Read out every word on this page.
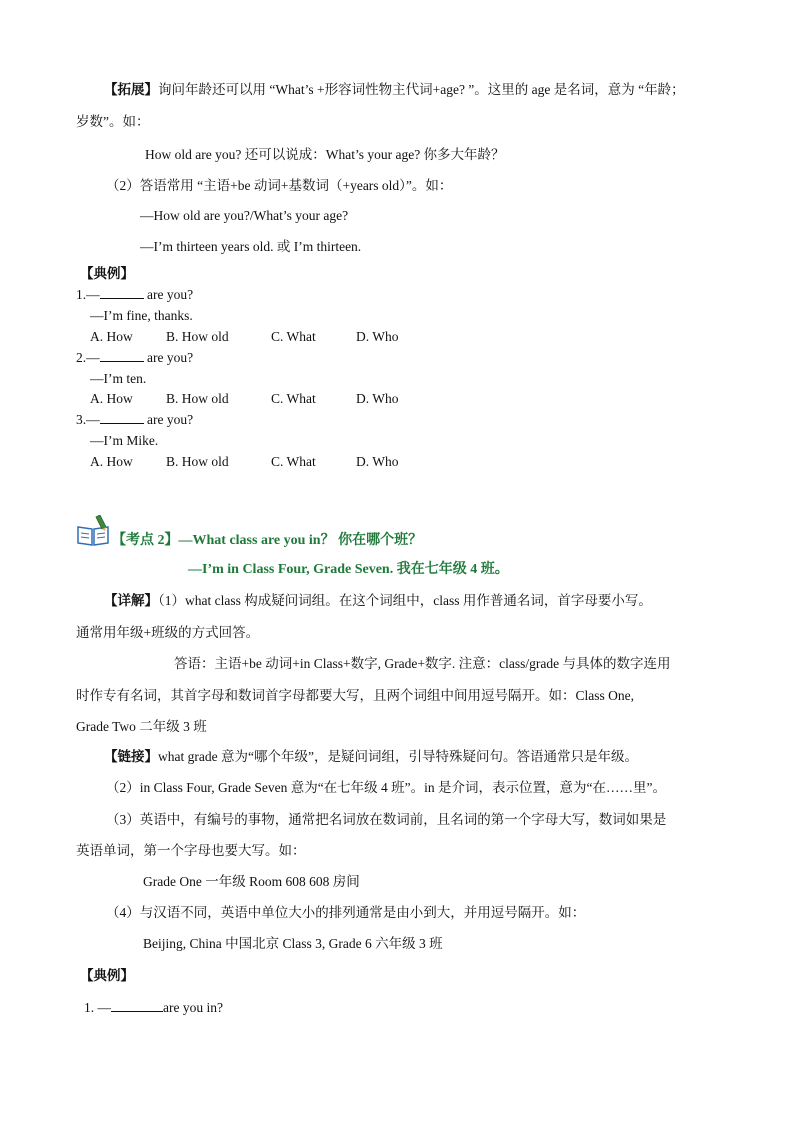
【拓展】询问年龄还可以用 “What’s +形容词性物主代词+age? ”。这里的 age 是名词，意为 “年龄；
岁数”。如：
How old are you? 还可以说成：What’s your age? 你多大年龄？
（2）答语常用 “主语+be 动词+基数词（+years old）”。如：
—How old are you?/What’s your age?
—I’m thirteen years old. 或 I’m thirteen.
【典例】
1.—	are you?
—I’m fine, thanks.
A. How B. How old	C. What	D. Who
2.—	are you?
—I’m ten.
A. How B. How old	C. What	D. Who
3.—	are you?
—I’m Mike.
A. How B. How old	C. What	D. Who
【考点 2】—What class are you in？ 你在哪个班？
—I’m in Class Four, Grade Seven. 我在七年级 4 班。
【详解】（1）what class 构成疑问词组。在这个词组中，class 用作普通名词，首字母要小写。
通常用年级+班级的方式回答。
答语：主语+be 动词+in Class+数字, Grade+数字. 注意：class/grade 与具体的数字连用
时作专有名词，其首字母和数词首字母都要大写，且两个词组中间用逗号隔开。如：Class One,
Grade Two 二年级 3 班
【链接】what grade 意为“哪个年级”，是疑问词组，引导特殊疑问句。答语通常只是年级。
（2）in Class Four, Grade Seven 意为“在七年级 4 班”。in 是介词，表示位置，意为“在……里”。
（3）英语中，有编号的事物，通常把名词放在数词前，且名词的第一个字母大写，数词如果是
英语单词，第一个字母也要大写。如：
Grade One 一年级 Room 608 608 房间
（4）与汉语不同，英语中单位大小的排列通常是由小到大，并用逗号隔开。如：
Beijing, China 中国北京 Class 3, Grade 6 六年级 3 班
【典例】
1. —	are you in?
